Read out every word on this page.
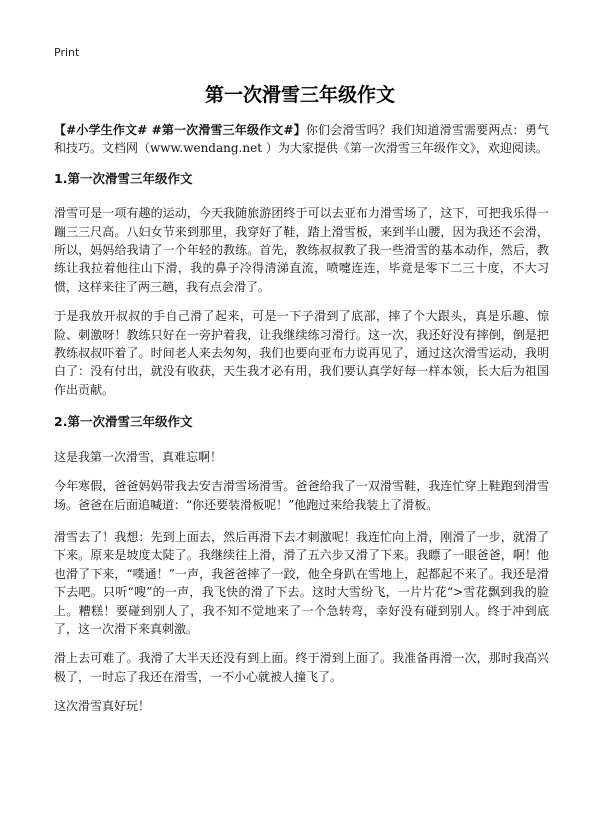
Print
第一次滑雪三年级作文

【#小学生作文# #第一次滑雪三年级作文#】你们会滑雪吗？我们知道滑雪需要两点：勇气和技巧。文档网（www.wendang.net ）为大家提供《第一次滑雪三年级作文》，欢迎阅读。

1.第一次滑雪三年级作文

滑雪可是一项有趣的运动，今天我随旅游团终于可以去亚布力滑雪场了，这下，可把我乐得一蹦三三尺高。八妇女节来到那里，我穿好了鞋，踏上滑雪板，来到半山腰，因为我还不会滑，所以，妈妈给我请了一个年轻的教练。首先，教练叔叔教了我一些滑雪的基本动作，然后，教练让我拉着他往山下滑，我的鼻子冷得清涕直流，喷嚏连连，毕竟是零下二三十度，不大习惯，这样来往了两三趟，我有点会滑了。

于是我放开叔叔的手自己滑了起来，可是一下子滑到了底部，摔了个大跟头，真是乐趣、惊险、刺激呀！教练只好在一旁护着我，让我继续练习滑行。这一次，我还好没有摔倒，倒是把教练叔叔吓着了。时间老人来去匆匆，我们也要向亚布力说再见了，通过这次滑雪运动，我明白了：没有付出，就没有收获，天生我才必有用，我们要认真学好每一样本领，长大后为祖国作出贡献。

2.第一次滑雪三年级作文

这是我第一次滑雪，真难忘啊！

今年寒假，爸爸妈妈带我去安吉滑雪场滑雪。爸爸给我了一双滑雪鞋，我连忙穿上鞋跑到滑雪场。爸爸在后面追喊道：“你还要装滑板呢！”他跑过来给我装上了滑板。

滑雪去了！我想：先到上面去，然后再滑下去才刺激呢！我连忙向上滑，刚滑了一步，就滑了下来。原来是坡度太陡了。我继续往上滑，滑了五六步又滑了下来。我瞟了一眼爸爸，啊！他也滑了下来，“噗通！”一声，我爸爸摔了一跤，他全身趴在雪地上，起都起不来了。我还是滑下去吧。只听“嗖”的一声，我飞快的滑了下去。这时大雪纷飞，一片片花“>雪花飘到我的脸上。糟糕！要碰到别人了，我不知不觉地来了一个急转弯，幸好没有碰到别人。终于冲到底了，这一次滑下来真刺激。

滑上去可难了。我滑了大半天还没有到上面。终于滑到上面了。我准备再滑一次，那时我高兴极了，一时忘了我还在滑雪，一不小心就被人撞飞了。

这次滑雪真好玩！
